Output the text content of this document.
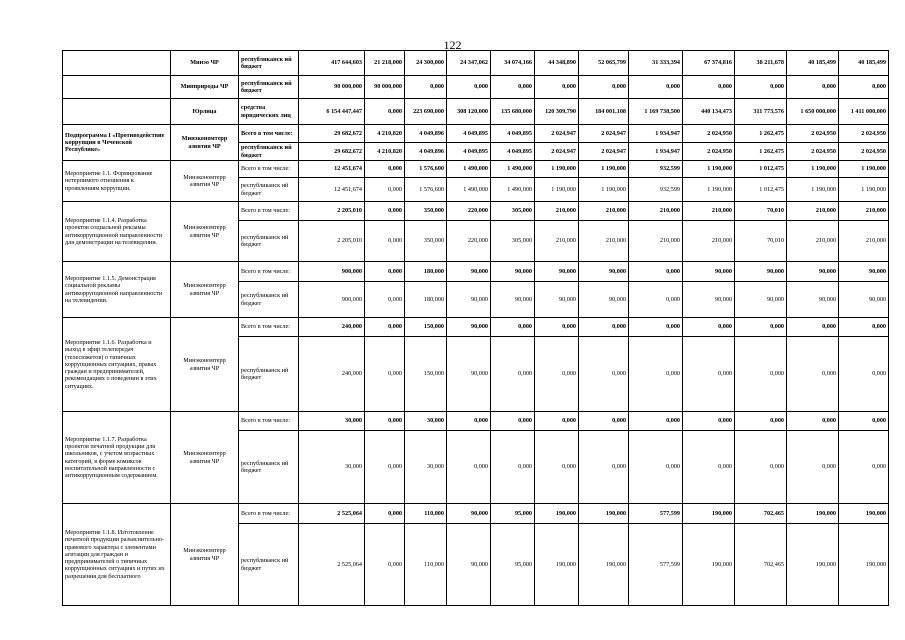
122
	Минэо ЧР	республиканск ий бюджет	417 644,603	21 218,000	24 300,000	24 347,062	34 074,166	44 348,890	52 065,799	31 333,394	67 374,816	38 211,678	40 185,499	40 185,499
	Минприроды ЧР	республиканск ий бюджет	90 000,000	90 000,000	0,000	0,000	0,000	0,000	0,000	0,000	0,000	0,000	0,000	0,000
	Юрлица	средства юридических лиц	6 154 447,447	0,000	223 690,000	308 120,000	135 680,000	120 309,790	184 001,108	1 169 738,500	440 134,473	311 773,576	1 650 000,000	1 411 000,000
Подпрограмма I «Противодействие коррупции в Чеченской Республике»	Минэкономтерр азвития ЧР	Всего в том числе:	29 682,672	4 210,820	4 049,896	4 049,895	4 049,895	2 024,947	2 024,947	1 934,947	2 024,950	1 262,475	2 024,950	2 024,950
		республиканск ий бюджет	29 682,672	4 210,820	4 049,896	4 049,895	4 049,895	2 024,947	2 024,947	1 934,947	2 024,950	1 262,475	2 024,950	2 024,950
Мероприятие 1.1. Формирование нетерпимого отношения к проявлениям коррупции.	Минэкономтерр азвития ЧР	Всего в том числе:	12 451,674	0,000	1 576,600	1 490,000	1 490,000	1 190,000	1 190,000	932,599	1 190,000	1 012,475	1 190,000	1 190,000
		республиканск ий бюджет	12 451,674	0,000	1 576,600	1 490,000	1 490,000	1 190,000	1 190,000	932,599	1 190,000	1 012,475	1 190,000	1 190,000
Мероприятие 1.1.4. Разработка проектов социальной рекламы антикоррупционной направленности для демонстрации на телевидении.	Минэкономтерр азвития ЧР	Всего в том числе:	2 205,010	0,000	350,000	220,000	305,000	210,000	210,000	210,000	210,000	70,010	210,000	210,000
		республиканск ий бюджет	2 205,010	0,000	350,000	220,000	305,000	210,000	210,000	210,000	210,000	70,010	210,000	210,000
Мероприятие 1.1.5. Демонстрация социальной рекламы антикоррупционной направленности на телевидении.	Минэкономтерр азвития ЧР	Всего в том числе:	900,000	0,000	180,000	90,000	90,000	90,000	90,000	0,000	90,000	90,000	90,000	90,000
		республиканск ий бюджет	900,000	0,000	180,000	90,000	90,000	90,000	90,000	0,000	90,000	90,000	90,000	90,000
Мероприятие 1.1.6. Разработка и выход в эфир телепередач (телесюжетов) о типичных коррупционных ситуациях, правах граждан и предпринимателей, рекомендациях о поведении в этих ситуациях.	Минэкономтерр азвития ЧР	Всего в том числе:	240,000	0,000	150,000	90,000	0,000	0,000	0,000	0,000	0,000	0,000	0,000	0,000
		республиканск ий бюджет	240,000	0,000	150,000	90,000	0,000	0,000	0,000	0,000	0,000	0,000	0,000	0,000
Мероприятие 1.1.7. Разработка проектов печатной продукции для школьников, с учетом возрастных категорий, в форме комиксов воспитательной направленности с антикоррупционным содержанием.	Минэкономтерр азвития ЧР	Всего в том числе:	30,000	0,000	30,000	0,000	0,000	0,000	0,000	0,000	0,000	0,000	0,000	0,000
		республиканск ий бюджет	30,000	0,000	30,000	0,000	0,000	0,000	0,000	0,000	0,000	0,000	0,000	0,000
Мероприятие 1.1.8. Изготовление печатной продукции разъяснительно-правового характера с элементами агитации для граждан и предпринимателей о типичных коррупционных ситуациях и путях их разрешения для бесплатного	Минэкономтерр азвития ЧР	Всего в том числе:	2 525,064	0,000	110,000	90,000	95,000	190,000	190,000	577,599	190,000	702,465	190,000	190,000
		республиканск ий бюджет	2 525,064	0,000	110,000	90,000	95,000	190,000	190,000	577,599	190,000	702,465	190,000	190,000
